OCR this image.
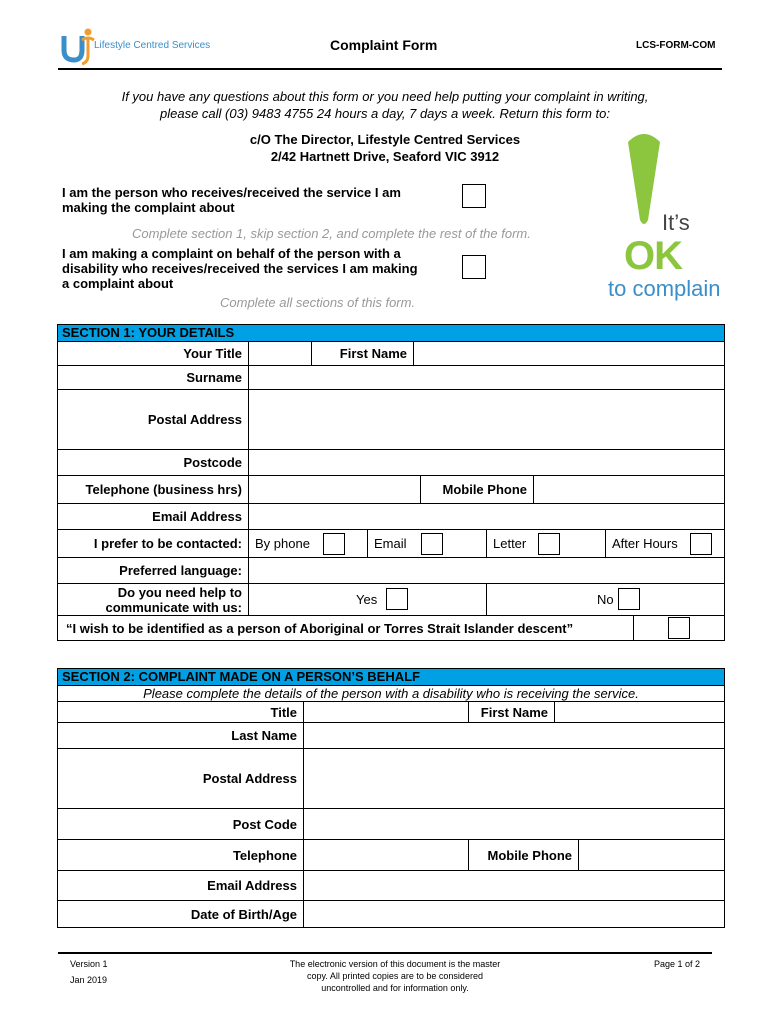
Lifestyle Centred Services	Complaint Form	LCS-FORM-COM
If you have any questions about this form or you need help putting your complaint in writing,
please call (03) 9483 4755 24 hours a day, 7 days a week. Return this form to:
c/O The Director, Lifestyle Centred Services
2/42 Hartnett Drive, Seaford VIC 3912
I am the person who receives/received the service I am
making the complaint about
Complete section 1, skip section 2, and complete the rest of the form.
I am making a complaint on behalf of the person with a
disability who receives/received the services I am making
a complaint about
Complete all sections of this form.
It’s
OK
to complain
SECTION 1: YOUR DETAILS
Your Title	First Name
Surname
Postal Address
Postcode
Telephone (business hrs)	Mobile Phone
Email Address
I prefer to be contacted:	By phone	Email	Letter	After Hours
Preferred language:
Do you need help to
communicate with us:	Yes	No
“I wish to be identified as a person of Aboriginal or Torres Strait Islander descent”
SECTION 2: COMPLAINT MADE ON A PERSON’S BEHALF
Please complete the details of the person with a disability who is receiving the service.
Title	First Name
Last Name
Postal Address
Post Code
Telephone	Mobile Phone
Email Address
Date of Birth/Age
Version 1
Jan 2019
The electronic version of this document is the master
copy. All printed copies are to be considered
uncontrolled and for information only.
Page 1 of 2
